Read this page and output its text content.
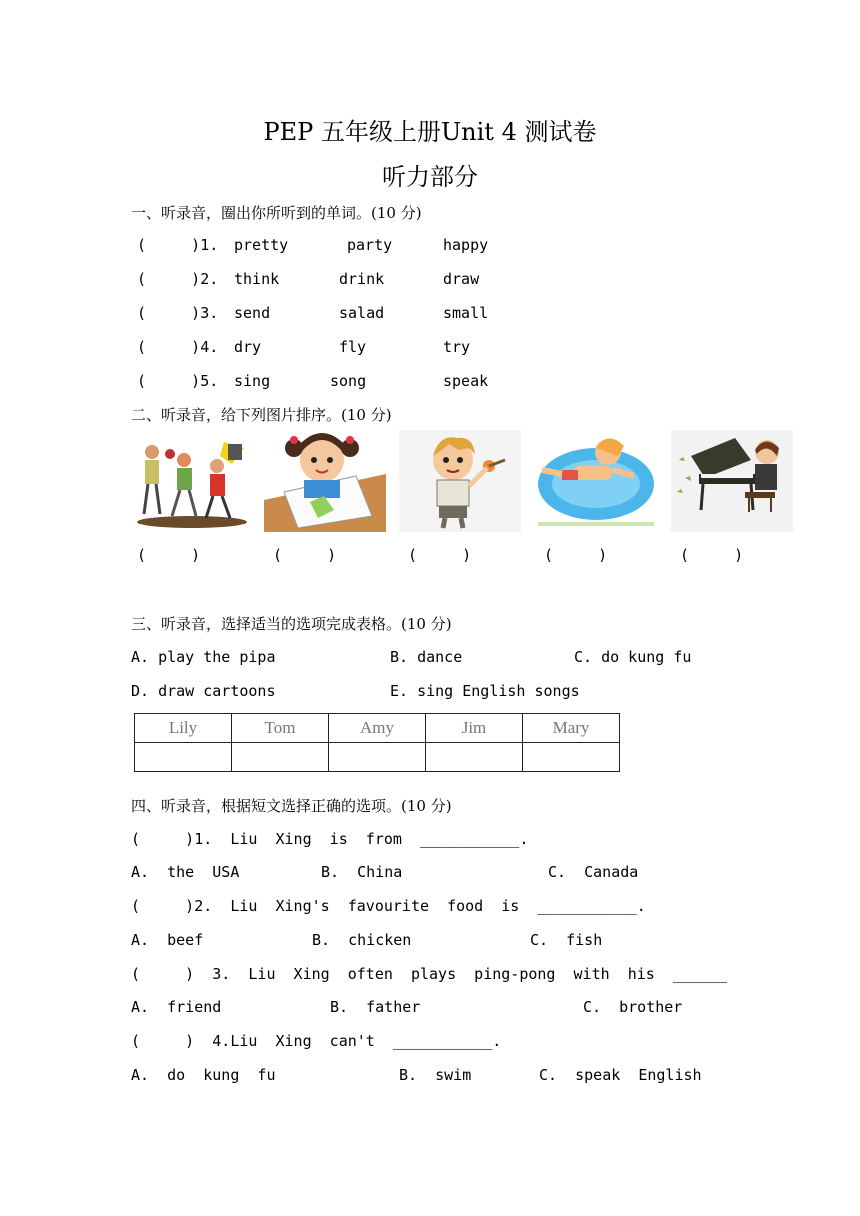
PEP 五年级上册Unit 4 测试卷
听力部分
一、听录音，圈出你所听到的单词。(10 分)
(     )1. pretty	party	happy
(     )2. think	drink	draw
(     )3. send	salad	small
(     )4. dry	fly	try
(     )5. sing	song	speak
二、听录音，给下列图片排序。(10 分)
(     )	(     )	(     )	(     )	(     )
三、听录音，选择适当的选项完成表格。(10 分)
A. play the pipa	B. dance	C. do kung fu
D. draw cartoons	E. sing English songs
Lily	Tom	Amy	Jim	Mary

四、听录音，根据短文选择正确的选项。(10 分)
(     )1.  Liu  Xing  is  from  ___________.
A.  the  USA	B.  China	C.  Canada
(     )2.  Liu  Xing's  favourite  food  is  ___________.
A.  beef	B.  chicken	C.  fish
(     )  3.  Liu  Xing  often  plays  ping-pong  with  his  ______
A.  friend	B.  father	C.  brother
(     )  4.Liu  Xing  can't  ___________.
A.  do  kung  fu	B.  swim	C.  speak  English
